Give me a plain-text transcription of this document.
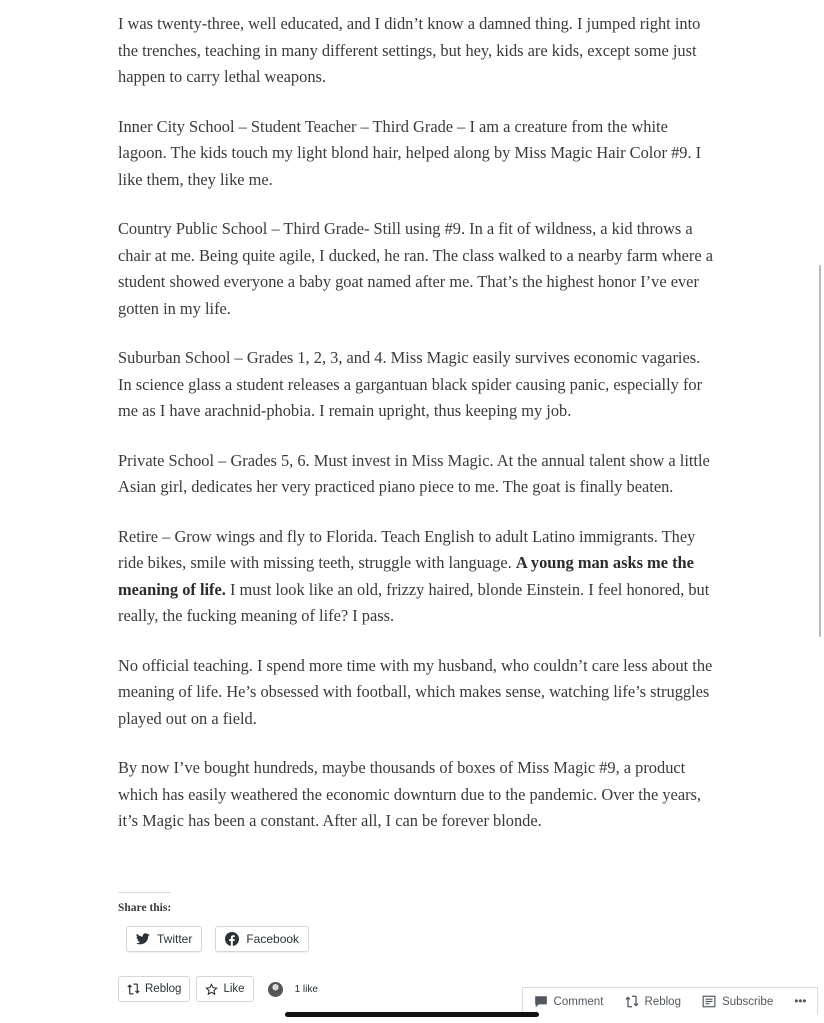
I was twenty-three, well educated, and I didn’t know a damned thing. I jumped right into the trenches, teaching in many different settings, but hey, kids are kids, except some just happen to carry lethal weapons.

Inner City School – Student Teacher – Third Grade – I am a creature from the white lagoon. The kids touch my light blond hair, helped along by Miss Magic Hair Color #9. I like them, they like me.

Country Public School – Third Grade- Still using #9. In a fit of wildness, a kid throws a chair at me. Being quite agile, I ducked, he ran. The class walked to a nearby farm where a student showed everyone a baby goat named after me. That’s the highest honor I’ve ever gotten in my life.

Suburban School – Grades 1, 2, 3, and 4. Miss Magic easily survives economic vagaries. In science glass a student releases a gargantuan black spider causing panic, especially for me as I have arachnid-phobia. I remain upright, thus keeping my job.

Private School – Grades 5, 6. Must invest in Miss Magic. At the annual talent show a little Asian girl, dedicates her very practiced piano piece to me. The goat is finally beaten.

Retire – Grow wings and fly to Florida. Teach English to adult Latino immigrants. They ride bikes, smile with missing teeth, struggle with language. A young man asks me the meaning of life. I must look like an old, frizzy haired, blonde Einstein. I feel honored, but really, the fucking meaning of life? I pass.

No official teaching. I spend more time with my husband, who couldn’t care less about the meaning of life. He’s obsessed with football, which makes sense, watching life’s struggles played out on a field.

By now I’ve bought hundreds, maybe thousands of boxes of Miss Magic #9, a product which has easily weathered the economic downturn due to the pandemic. Over the years, it’s Magic has been a constant. After all, I can be forever blonde.

Share this:
Twitter	Facebook
Reblog	Like	1 like
Comment	Reblog	Subscribe •••
